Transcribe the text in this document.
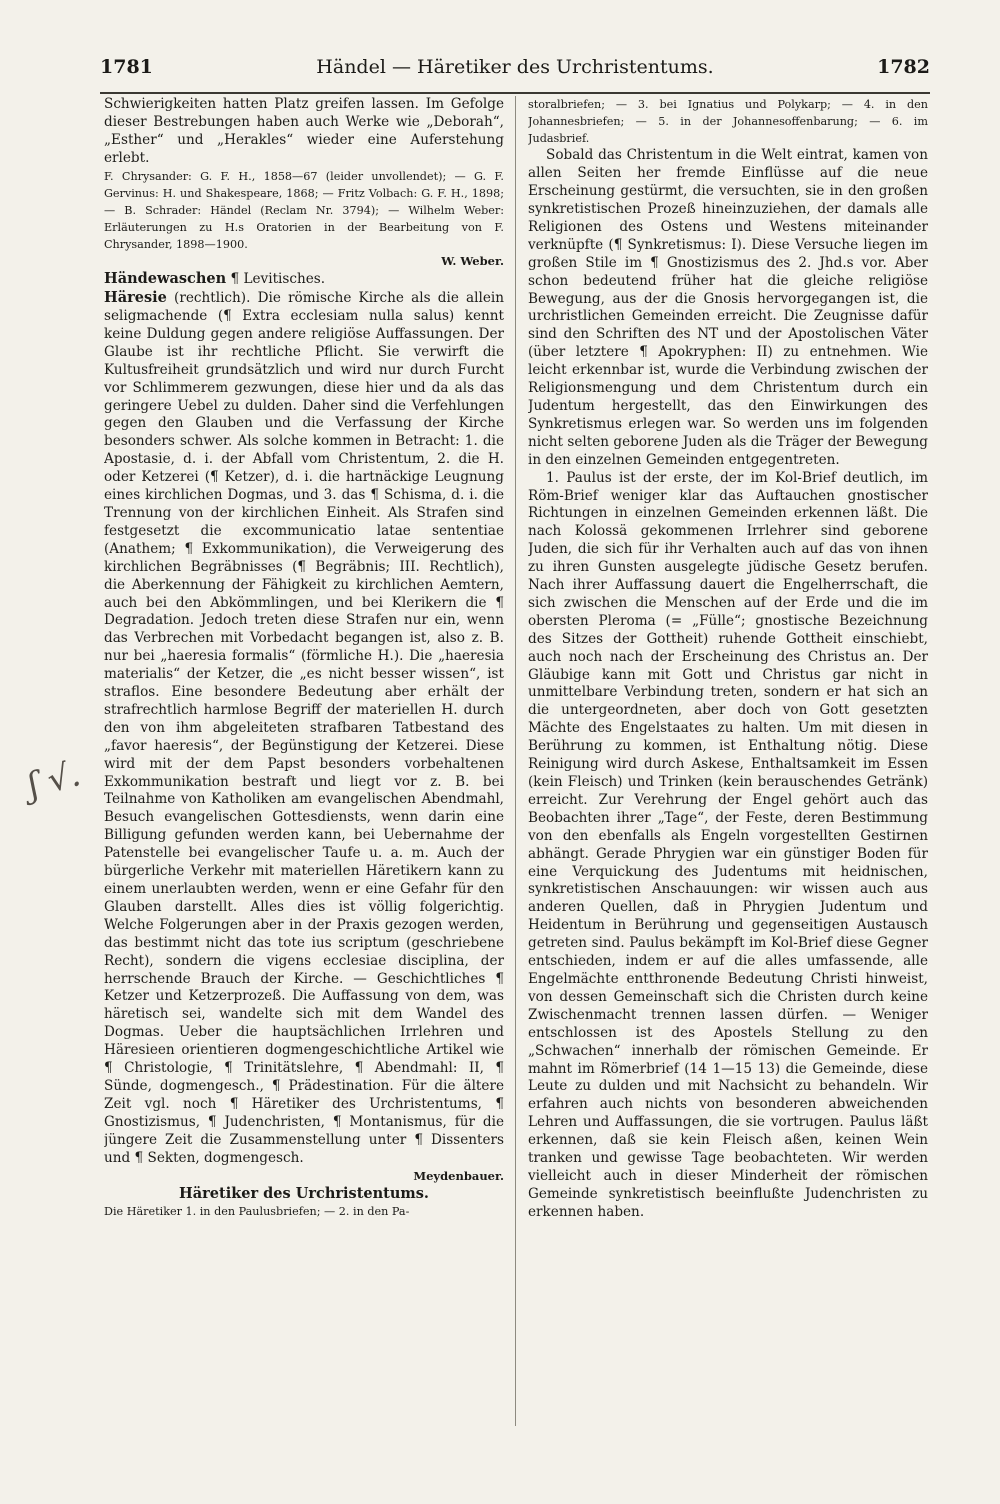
1781	Händel — Häretiker des Urchristentums.	1782
ʃ √.

Schwierigkeiten hatten Platz greifen lassen. Im Gefolge dieser Bestrebungen haben auch Werke wie „Deborah“, „Esther“ und „Herakles“ wieder eine Auferstehung erlebt.

F. Chrysander: G. F. H., 1858—67 (leider unvollendet); — G. F. Gervinus: H. und Shakespeare, 1868; — Fritz Volbach: G. F. H., 1898; — B. Schrader: Händel (Reclam Nr. 3794); — Wilhelm Weber: Erläuterungen zu H.s Oratorien in der Bearbeitung von F. Chrysander, 1898—1900.
W. Weber.

Händewaschen ¶ Levitisches.

Häresie (rechtlich). Die römische Kirche als die allein seligmachende (¶ Extra ecclesiam nulla salus) kennt keine Duldung gegen andere religiöse Auffassungen. Der Glaube ist ihr rechtliche Pflicht. Sie verwirft die Kultusfreiheit grundsätzlich und wird nur durch Furcht vor Schlimmerem gezwungen, diese hier und da als das geringere Uebel zu dulden. Daher sind die Verfehlungen gegen den Glauben und die Verfassung der Kirche besonders schwer. Als solche kommen in Betracht: 1. die Apostasie, d. i. der Abfall vom Christentum, 2. die H. oder Ketzerei (¶ Ketzer), d. i. die hartnäckige Leugnung eines kirchlichen Dogmas, und 3. das ¶ Schisma, d. i. die Trennung von der kirchlichen Einheit. Als Strafen sind festgesetzt die excommunicatio latae sententiae (Anathem; ¶ Exkommunikation), die Verweigerung des kirchlichen Begräbnisses (¶ Begräbnis; III. Rechtlich), die Aberkennung der Fähigkeit zu kirchlichen Aemtern, auch bei den Abkömmlingen, und bei Klerikern die ¶ Degradation. Jedoch treten diese Strafen nur ein, wenn das Verbrechen mit Vorbedacht begangen ist, also z. B. nur bei „haeresia formalis“ (förmliche H.). Die „haeresia materialis“ der Ketzer, die „es nicht besser wissen“, ist straflos. Eine besondere Bedeutung aber erhält der strafrechtlich harmlose Begriff der materiellen H. durch den von ihm abgeleiteten strafbaren Tatbestand des „favor haeresis“, der Begünstigung der Ketzerei. Diese wird mit der dem Papst besonders vorbehaltenen Exkommunikation bestraft und liegt vor z. B. bei Teilnahme von Katholiken am evangelischen Abendmahl, Besuch evangelischen Gottesdiensts, wenn darin eine Billigung gefunden werden kann, bei Uebernahme der Patenstelle bei evangelischer Taufe u. a. m. Auch der bürgerliche Verkehr mit materiellen Häretikern kann zu einem unerlaubten werden, wenn er eine Gefahr für den Glauben darstellt. Alles dies ist völlig folgerichtig. Welche Folgerungen aber in der Praxis gezogen werden, das bestimmt nicht das tote ius scriptum (geschriebene Recht), sondern die vigens ecclesiae disciplina, der herrschende Brauch der Kirche. — Geschichtliches ¶ Ketzer und Ketzerprozeß. Die Auffassung von dem, was häretisch sei, wandelte sich mit dem Wandel des Dogmas. Ueber die hauptsächlichen Irrlehren und Häresieen orientieren dogmengeschichtliche Artikel wie ¶ Christologie, ¶ Trinitätslehre, ¶ Abendmahl: II, ¶ Sünde, dogmengesch., ¶ Prädestination. Für die ältere Zeit vgl. noch ¶ Häretiker des Urchristentums, ¶ Gnostizismus, ¶ Judenchristen, ¶ Montanismus, für die jüngere Zeit die Zusammenstellung unter ¶ Dissenters und ¶ Sekten, dogmengesch.

Meydenbauer.

Häretiker des Urchristentums.

Die Häretiker 1. in den Paulusbriefen; — 2. in den Pa-

storalbriefen; — 3. bei Ignatius und Polykarp; — 4. in den Johannesbriefen; — 5. in der Johannesoffenbarung; — 6. im Judasbrief.

Sobald das Christentum in die Welt eintrat, kamen von allen Seiten her fremde Einflüsse auf die neue Erscheinung gestürmt, die versuchten, sie in den großen synkretistischen Prozeß hineinzuziehen, der damals alle Religionen des Ostens und Westens miteinander verknüpfte (¶ Synkretismus: I). Diese Versuche liegen im großen Stile im ¶ Gnostizismus des 2. Jhd.s vor. Aber schon bedeutend früher hat die gleiche religiöse Bewegung, aus der die Gnosis hervorgegangen ist, die urchristlichen Gemeinden erreicht. Die Zeugnisse dafür sind den Schriften des NT und der Apostolischen Väter (über letztere ¶ Apokryphen: II) zu entnehmen. Wie leicht erkennbar ist, wurde die Verbindung zwischen der Religionsmengung und dem Christentum durch ein Judentum hergestellt, das den Einwirkungen des Synkretismus erlegen war. So werden uns im folgenden nicht selten geborene Juden als die Träger der Bewegung in den einzelnen Gemeinden entgegentreten.

1. Paulus ist der erste, der im Kol-Brief deutlich, im Röm-Brief weniger klar das Auftauchen gnostischer Richtungen in einzelnen Gemeinden erkennen läßt. Die nach Kolossä gekommenen Irrlehrer sind geborene Juden, die sich für ihr Verhalten auch auf das von ihnen zu ihren Gunsten ausgelegte jüdische Gesetz berufen. Nach ihrer Auffassung dauert die Engelherrschaft, die sich zwischen die Menschen auf der Erde und die im obersten Pleroma (= „Fülle“; gnostische Bezeichnung des Sitzes der Gottheit) ruhende Gottheit einschiebt, auch noch nach der Erscheinung des Christus an. Der Gläubige kann mit Gott und Christus gar nicht in unmittelbare Verbindung treten, sondern er hat sich an die untergeordneten, aber doch von Gott gesetzten Mächte des Engelstaates zu halten. Um mit diesen in Berührung zu kommen, ist Enthaltung nötig. Diese Reinigung wird durch Askese, Enthaltsamkeit im Essen (kein Fleisch) und Trinken (kein berauschendes Getränk) erreicht. Zur Verehrung der Engel gehört auch das Beobachten ihrer „Tage“, der Feste, deren Bestimmung von den ebenfalls als Engeln vorgestellten Gestirnen abhängt. Gerade Phrygien war ein günstiger Boden für eine Verquickung des Judentums mit heidnischen, synkretistischen Anschauungen: wir wissen auch aus anderen Quellen, daß in Phrygien Judentum und Heidentum in Berührung und gegenseitigen Austausch getreten sind. Paulus bekämpft im Kol-Brief diese Gegner entschieden, indem er auf die alles umfassende, alle Engelmächte entthronende Bedeutung Christi hinweist, von dessen Gemeinschaft sich die Christen durch keine Zwischenmacht trennen lassen dürfen. — Weniger entschlossen ist des Apostels Stellung zu den „Schwachen“ innerhalb der römischen Gemeinde. Er mahnt im Römerbrief (14 1—15 13) die Gemeinde, diese Leute zu dulden und mit Nachsicht zu behandeln. Wir erfahren auch nichts von besonderen abweichenden Lehren und Auffassungen, die sie vortrugen. Paulus läßt erkennen, daß sie kein Fleisch aßen, keinen Wein tranken und gewisse Tage beobachteten. Wir werden vielleicht auch in dieser Minderheit der römischen Gemeinde synkretistisch beeinflußte Judenchristen zu erkennen haben.
